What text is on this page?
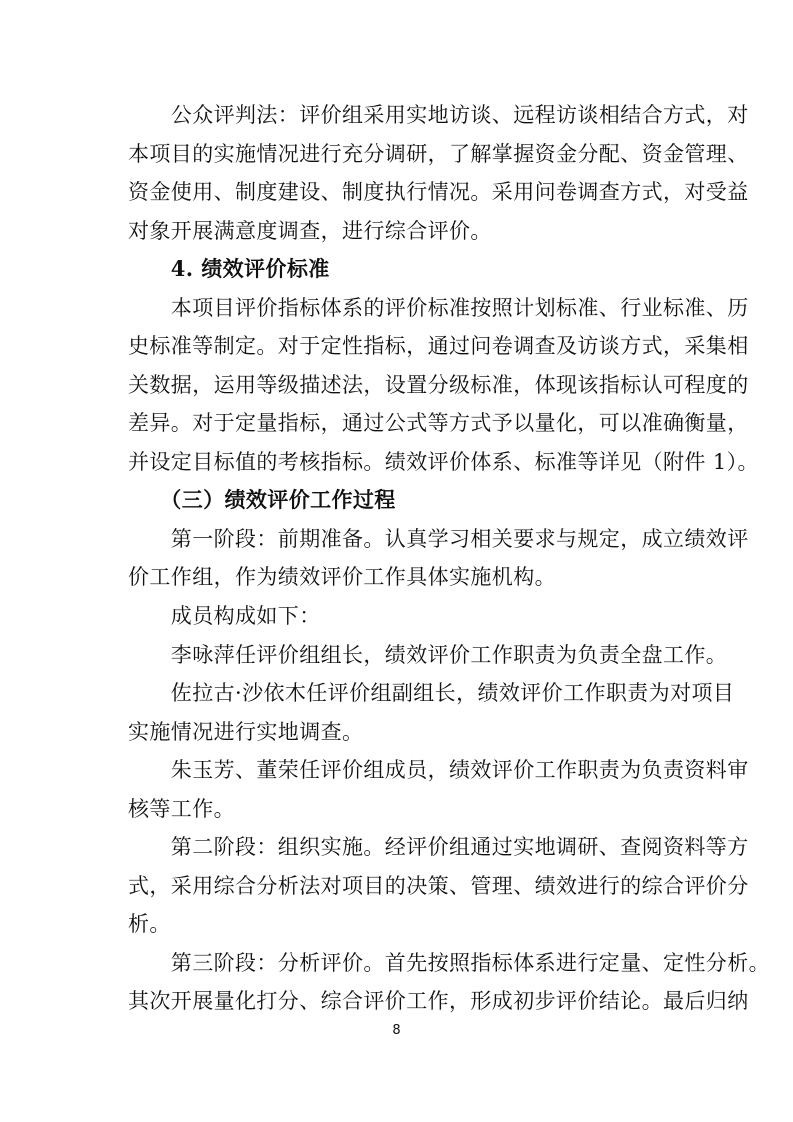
　　公众评判法：评价组采用实地访谈、远程访谈相结合方式，对
本项目的实施情况进行充分调研，了解掌握资金分配、资金管理、
资金使用、制度建设、制度执行情况。采用问卷调查方式，对受益
对象开展满意度调查，进行综合评价。
　　4. 绩效评价标准
　　本项目评价指标体系的评价标准按照计划标准、行业标准、历
史标准等制定。对于定性指标，通过问卷调查及访谈方式，采集相
关数据，运用等级描述法，设置分级标准，体现该指标认可程度的
差异。对于定量指标，通过公式等方式予以量化，可以准确衡量，
并设定目标值的考核指标。绩效评价体系、标准等详见（附件 1）。
　　（三）绩效评价工作过程
　　第一阶段：前期准备。认真学习相关要求与规定，成立绩效评
价工作组，作为绩效评价工作具体实施机构。
　　成员构成如下：
　　李咏萍任评价组组长，绩效评价工作职责为负责全盘工作。
　　佐拉古·沙依木任评价组副组长，绩效评价工作职责为对项目
实施情况进行实地调查。
　　朱玉芳、董荣任评价组成员，绩效评价工作职责为负责资料审
核等工作。
　　第二阶段：组织实施。经评价组通过实地调研、查阅资料等方
式，采用综合分析法对项目的决策、管理、绩效进行的综合评价分
析。
　　第三阶段：分析评价。首先按照指标体系进行定量、定性分析。
8
其次开展量化打分、综合评价工作，形成初步评价结论。最后归纳
